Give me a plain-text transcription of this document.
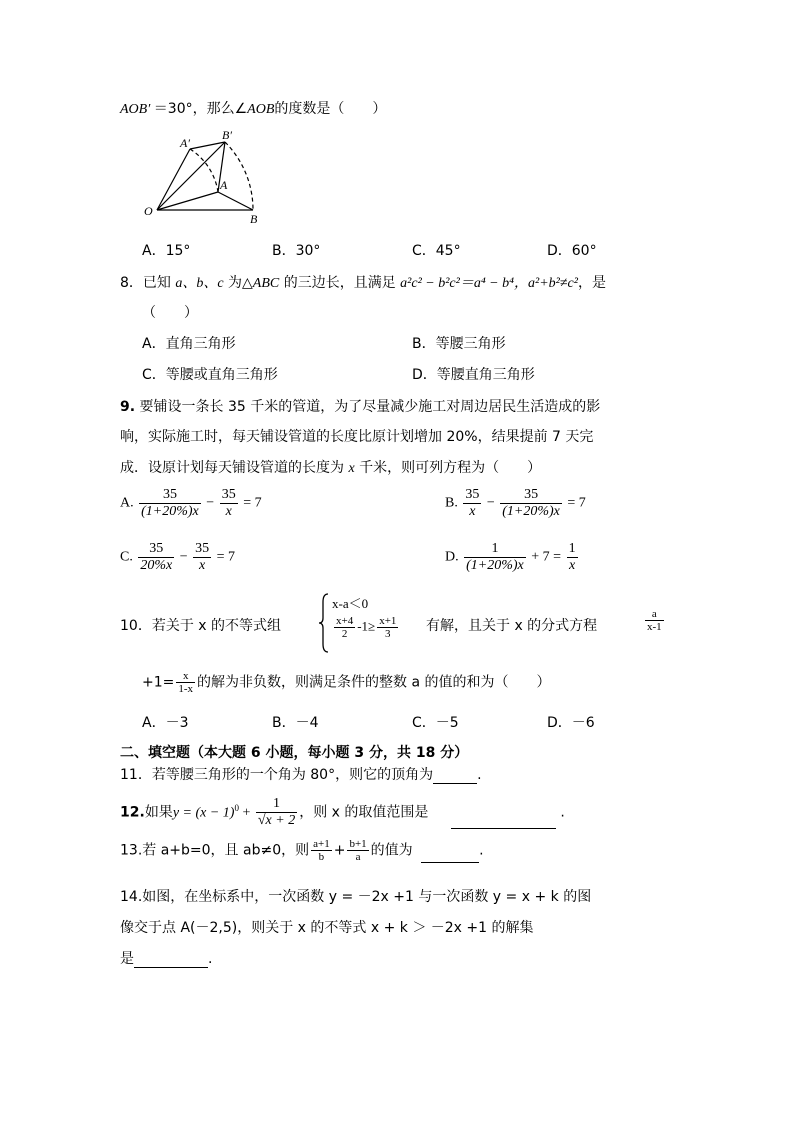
AOB′ ＝30°，那么∠AOB的度数是（　　）
A′
B′
A
O
B
A．15°	B．30°	C．45°	D．60°
8．已知 a、b、c 为△ABC 的三边长，且满足 a²c² − b²c²＝a⁴ − b⁴，a²+b²≠c²，是
（　　）
A．直角三角形	B．等腰三角形
C．等腰或直角三角形	D．等腰直角三角形
9. 要铺设一条长 35 千米的管道，为了尽量减少施工对周边居民生活造成的影
响，实际施工时，每天铺设管道的长度比原计划增加 20%，结果提前 7 天完
成．设原计划每天铺设管道的长度为 x 千米，则可列方程为（　　）
A. $\frac{35}{(1+20\%)x} - \frac{35}{x} = 7$	B. $\frac{35}{x} - \frac{35}{(1+20\%)x} = 7$
C. $\frac{35}{20\%x} - \frac{35}{x} = 7$	D. $\frac{1}{(1+20\%)x} + 7 = \frac{1}{x}$
10．若关于 x 的不等式组
x-a＜0
$\frac{x+4}{2} -1\ge \frac{x+1}{3}$ 有解，且关于 x 的分式方程	$\frac{a}{x-1}$
$+1= \frac{x}{1-x}$ 的解为非负数，则满足条件的整数 a 的值的和为（　　）
A．－3	B．－4	C．－5	D．－6
二、填空题（本大题 6 小题，每小题 3 分，共 18 分）
11．若等腰三角形的一个角为 80°，则它的顶角为	.
12.如果$y = (x - 1)^0 + \frac{1}{√x + 2}$ ，则 x 的取值范围是	.
13.若 a+b=0，且 ab≠0，则 $\frac{a+1}{b} + \frac{b+1}{a}$ 的值为	.
14.如图，在坐标系中，一次函数 y = －2x +1 与一次函数 y = x + k 的图
像交于点 A(－2,5)，则关于 x 的不等式 x + k ＞ －2x +1 的解集
是	.
